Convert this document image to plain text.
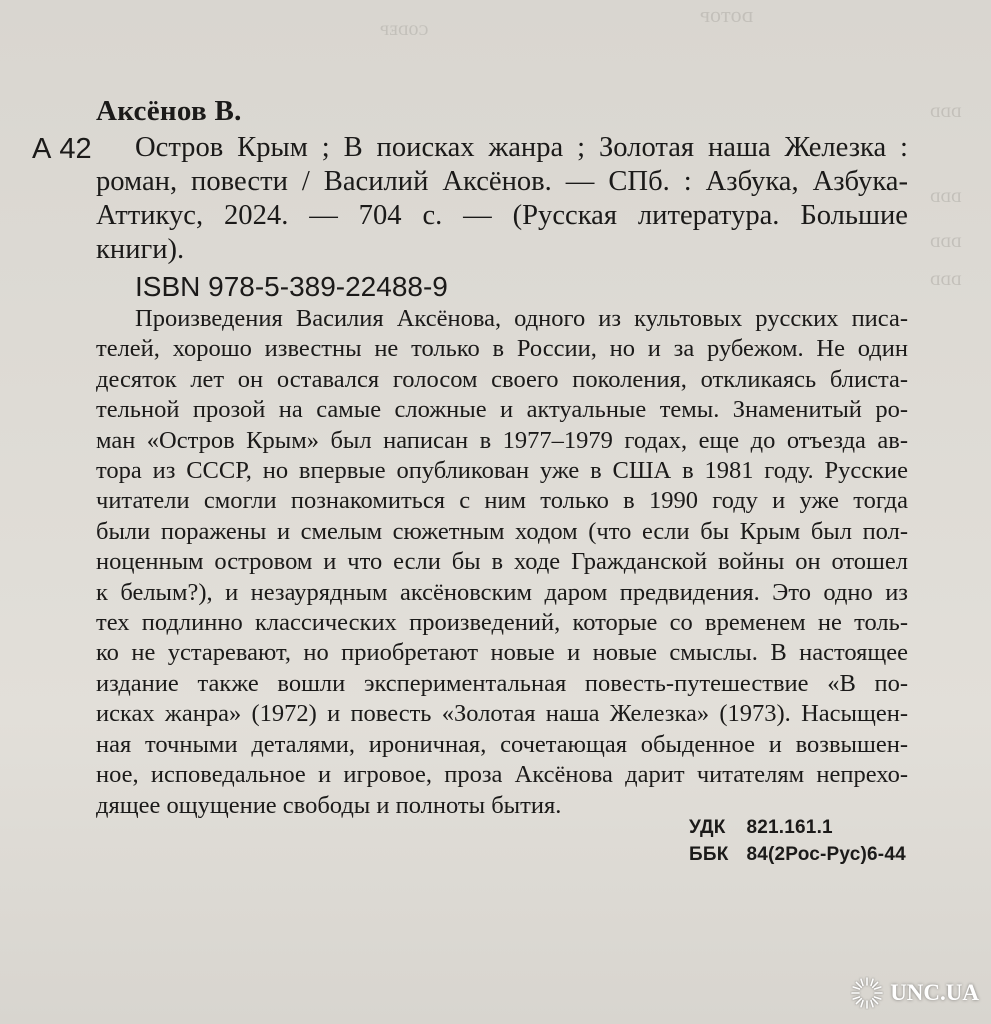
ᴄᴏᴅᴇᴘ
ᴅᴏᴛᴏᴘ
ᴅᴅᴅ
ᴅᴅᴅ
ᴅᴅᴅ
ᴅᴅᴅ
Аксёнов В.
А 42	Остров Крым ; В поисках жанра ; Золотая наша Железка :
роман, повести / Василий Аксёнов. — СПб. : Азбука, Азбука-
Аттикус, 2024. — 704 с. — (Русская литература. Большие
книги).
ISBN 978-5-389-22488-9
Произведения Василия Аксёнова, одного из культовых русских писа-
телей, хорошо известны не только в России, но и за рубежом. Не один
десяток лет он оставался голосом своего поколения, откликаясь блиста-
тельной прозой на самые сложные и актуальные темы. Знаменитый ро-
ман «Остров Крым» был написан в 1977–1979 годах, еще до отъезда ав-
тора из СССР, но впервые опубликован уже в США в 1981 году. Русские
читатели смогли познакомиться с ним только в 1990 году и уже тогда
были поражены и смелым сюжетным ходом (что если бы Крым был пол-
ноценным островом и что если бы в ходе Гражданской войны он отошел
к белым?), и незаурядным аксёновским даром предвидения. Это одно из
тех подлинно классических произведений, которые со временем не толь-
ко не устаревают, но приобретают новые и новые смыслы. В настоящее
издание также вошли экспериментальная повесть-путешествие «В по-
исках жанра» (1972) и повесть «Золотая наша Железка» (1973). Насыщен-
ная точными деталями, ироничная, сочетающая обыденное и возвышен-
ное, исповедальное и игровое, проза Аксёнова дарит читателям непрехо-
дящее ощущение свободы и полноты бытия.
УДК 821.161.1
ББК 84(2Рос-Рус)6-44
UNC.UA
